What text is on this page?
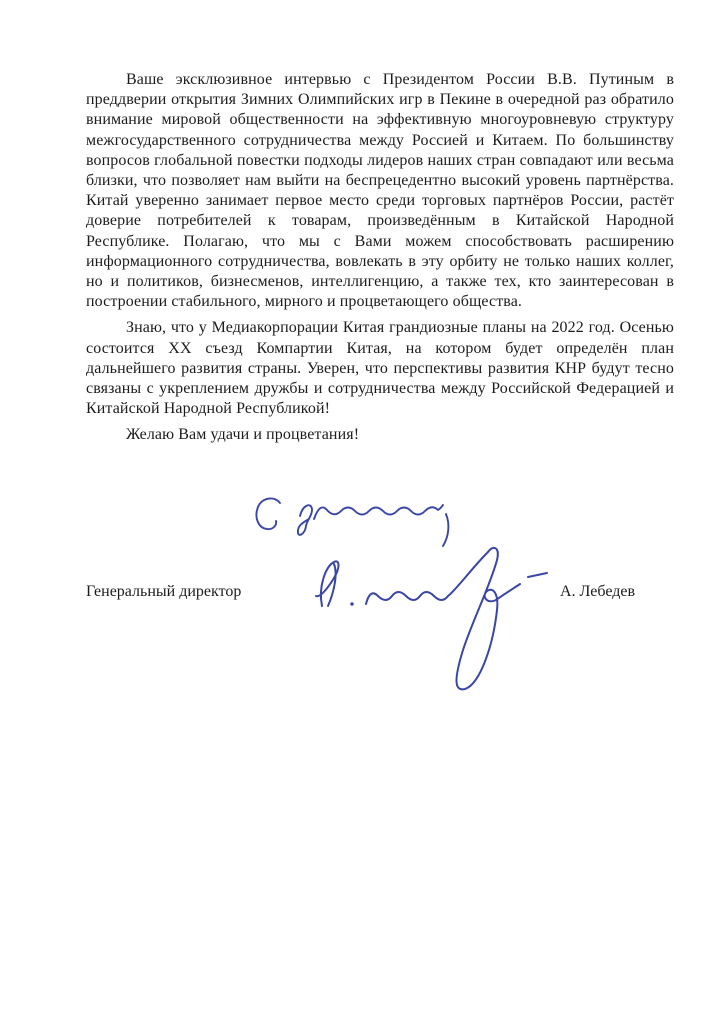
Ваше эксклюзивное интервью с Президентом России В.В. Путиным в преддверии открытия Зимних Олимпийских игр в Пекине в очередной раз обратило внимание мировой общественности на эффективную многоуровневую структуру межгосударственного сотрудничества между Россией и Китаем. По большинству вопросов глобальной повестки подходы лидеров наших стран совпадают или весьма близки, что позволяет нам выйти на беспрецедентно высокий уровень партнёрства. Китай уверенно занимает первое место среди торговых партнёров России, растёт доверие потребителей к товарам, произведённым в Китайской Народной Республике. Полагаю, что мы с Вами можем способствовать расширению информационного сотрудничества, вовлекать в эту орбиту не только наших коллег, но и политиков, бизнесменов, интеллигенцию, а также тех, кто заинтересован в построении стабильного, мирного и процветающего общества.

Знаю, что у Медиакорпорации Китая грандиозные планы на 2022 год. Осенью состоится XX съезд Компартии Китая, на котором будет определён план дальнейшего развития страны. Уверен, что перспективы развития КНР будут тесно связаны с укреплением дружбы и сотрудничества между Российской Федерацией и Китайской Народной Республикой!

Желаю Вам удачи и процветания!

Генеральный директор	А. Лебедев
